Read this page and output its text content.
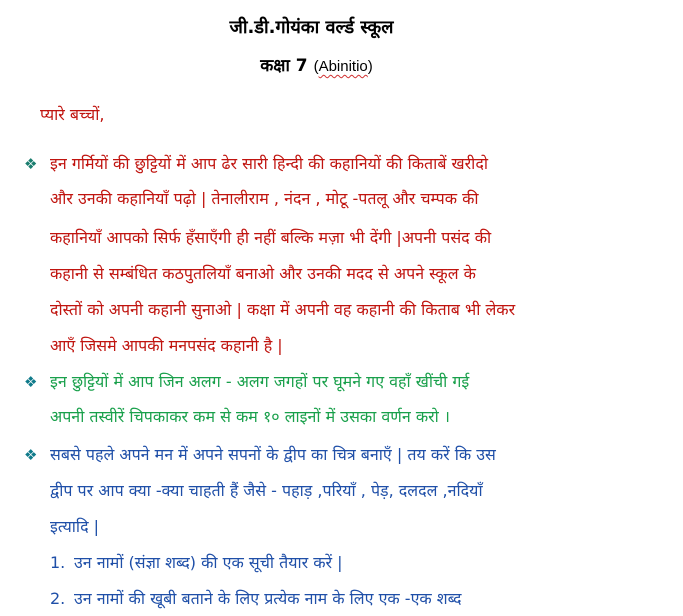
जी.डी.गोयंका वर्ल्ड स्कूल
कक्षा 7 (Abinitio)
प्यारे बच्चों,
❖ इन गर्मियों की छुट्टियों में आप ढेर सारी हिन्दी की कहानियों की किताबें खरीदो
और उनकी कहानियाँ पढ़ो | तेनालीराम , नंदन , मोटू -पतलू और चम्पक की
कहानियाँ आपको सिर्फ हँसाएँगी ही नहीं बल्कि मज़ा भी देंगी |अपनी पसंद की
कहानी से सम्बंधित कठपुतलियाँ बनाओ और उनकी मदद से अपने स्कूल के
दोस्तों को अपनी कहानी सुनाओ | कक्षा में अपनी वह कहानी की किताब भी लेकर
आएँ जिसमे आपकी मनपसंद कहानी है |
❖ इन छुट्टियों में आप जिन अलग - अलग जगहों पर घूमने गए वहाँ खींची गई
अपनी तस्वीरें चिपकाकर कम से कम १० लाइनों में उसका वर्णन करो ।
❖ सबसे पहले अपने मन में अपने सपनों के द्वीप का चित्र बनाएँ | तय करें कि उस
द्वीप पर आप क्या -क्या चाहती हैं जैसे - पहाड़ ,परियाँ , पेड़, दलदल ,नदियाँ
इत्यादि |
1. उन नामों (संज्ञा शब्द) की एक सूची तैयार करें |
2. उन नामों की खूबी बताने के लिए प्रत्येक नाम के लिए एक -एक शब्द
